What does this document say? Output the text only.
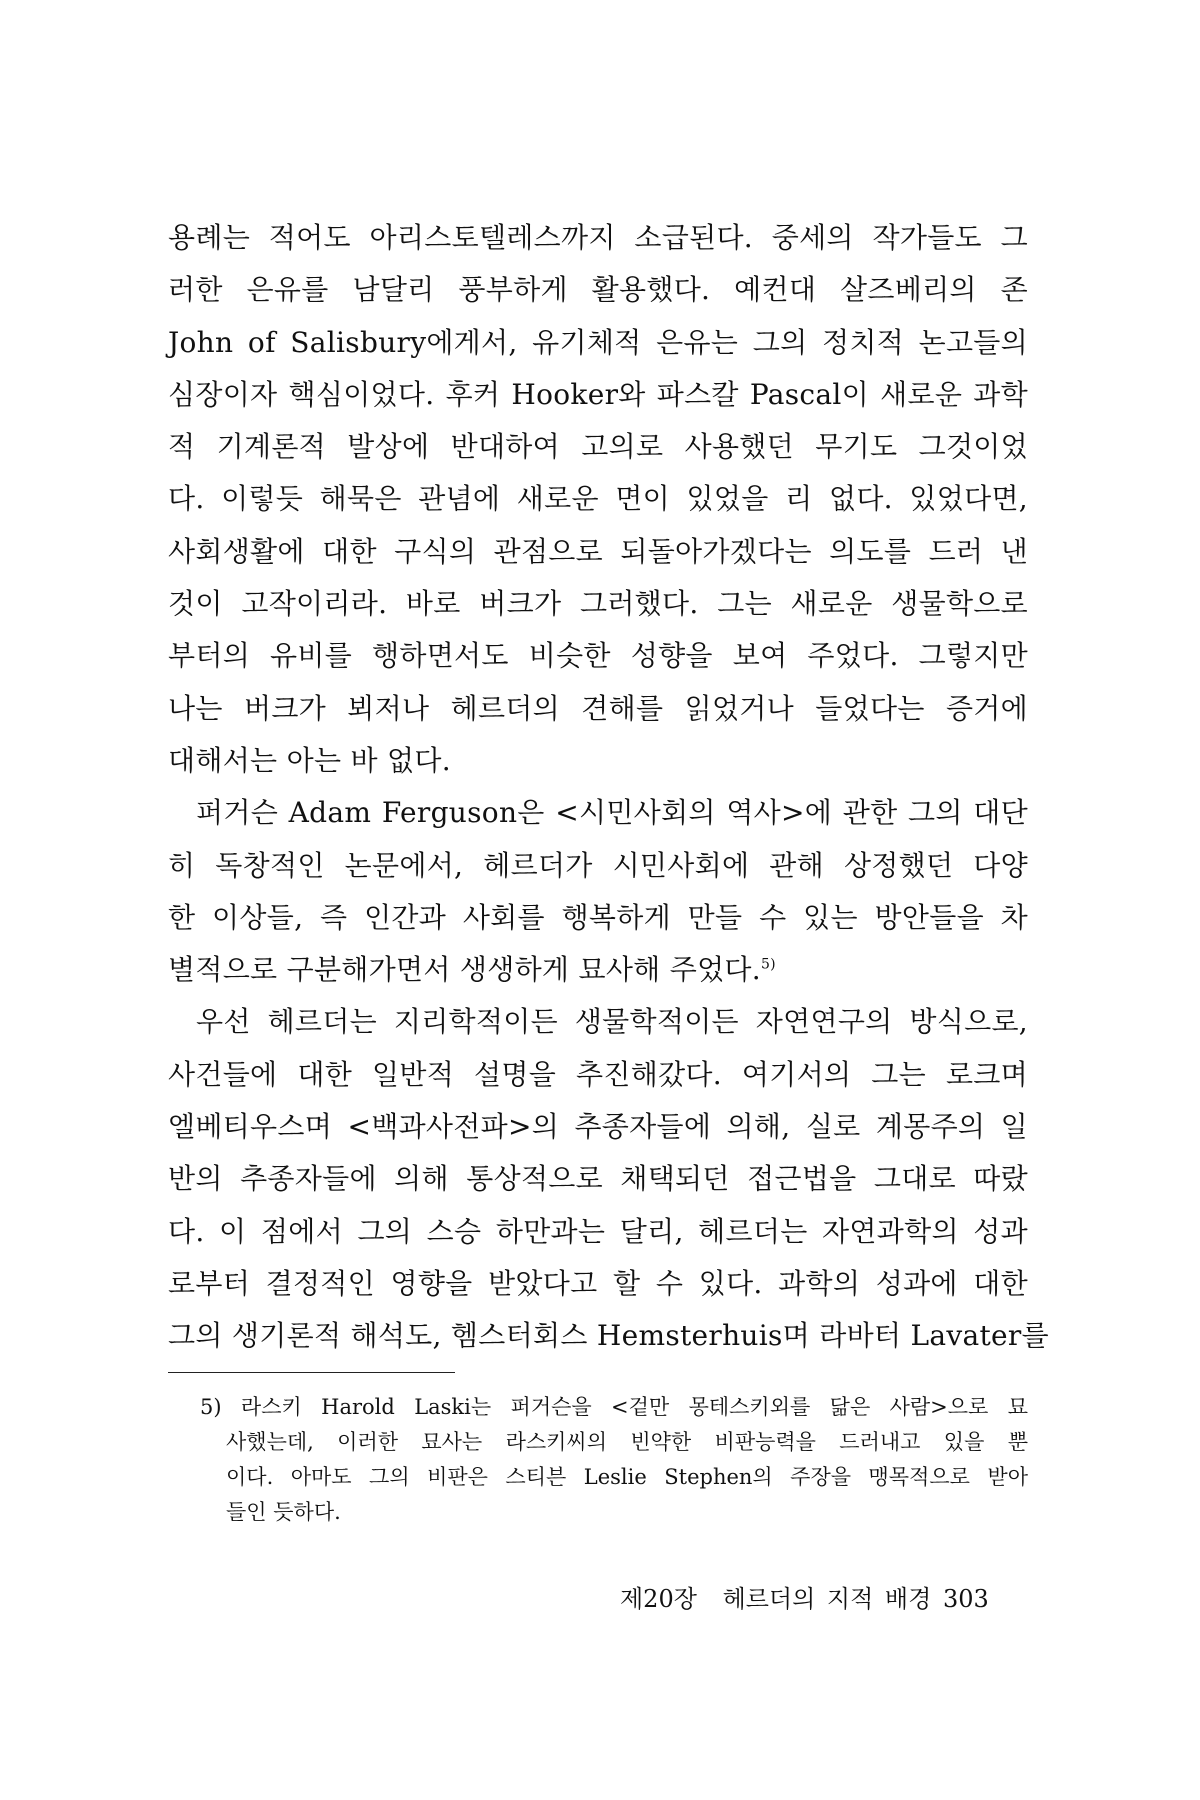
용례는 적어도 아리스토텔레스까지 소급된다. 중세의 작가들도 그
러한 은유를 남달리 풍부하게 활용했다. 예컨대 살즈베리의 존
John of Salisbury에게서, 유기체적 은유는 그의 정치적 논고들의
심장이자 핵심이었다. 후커 Hooker와 파스칼 Pascal이 새로운 과학
적 기계론적 발상에 반대하여 고의로 사용했던 무기도 그것이었
다. 이렇듯 해묵은 관념에 새로운 면이 있었을 리 없다. 있었다면,
사회생활에 대한 구식의 관점으로 되돌아가겠다는 의도를 드러 낸
것이 고작이리라. 바로 버크가 그러했다. 그는 새로운 생물학으로
부터의 유비를 행하면서도 비슷한 성향을 보여 주었다. 그렇지만
나는 버크가 뵈저나 헤르더의 견해를 읽었거나 들었다는 증거에
대해서는 아는 바 없다.
퍼거슨 Adam Ferguson은 <시민사회의 역사>에 관한 그의 대단
히 독창적인 논문에서, 헤르더가 시민사회에 관해 상정했던 다양
한 이상들, 즉 인간과 사회를 행복하게 만들 수 있는 방안들을 차
별적으로 구분해가면서 생생하게 묘사해 주었다.$^{5)}$
우선 헤르더는 지리학적이든 생물학적이든 자연연구의 방식으로,
사건들에 대한 일반적 설명을 추진해갔다. 여기서의 그는 로크며
엘베티우스며 <백과사전파>의 추종자들에 의해, 실로 계몽주의 일
반의 추종자들에 의해 통상적으로 채택되던 접근법을 그대로 따랐
다. 이 점에서 그의 스승 하만과는 달리, 헤르더는 자연과학의 성과
로부터 결정적인 영향을 받았다고 할 수 있다. 과학의 성과에 대한
그의 생기론적 해석도, 헴스터회스 Hemsterhuis며 라바터 Lavater를
5) 라스키 Harold Laski는 퍼거슨을 <겉만 몽테스키외를 닮은 사람>으로 묘
사했는데, 이러한 묘사는 라스키씨의 빈약한 비판능력을 드러내고 있을 뿐
이다. 아마도 그의 비판은 스티븐 Leslie Stephen의 주장을 맹목적으로 받아
들인 듯하다.
제20장 헤르더의 지적 배경 303
